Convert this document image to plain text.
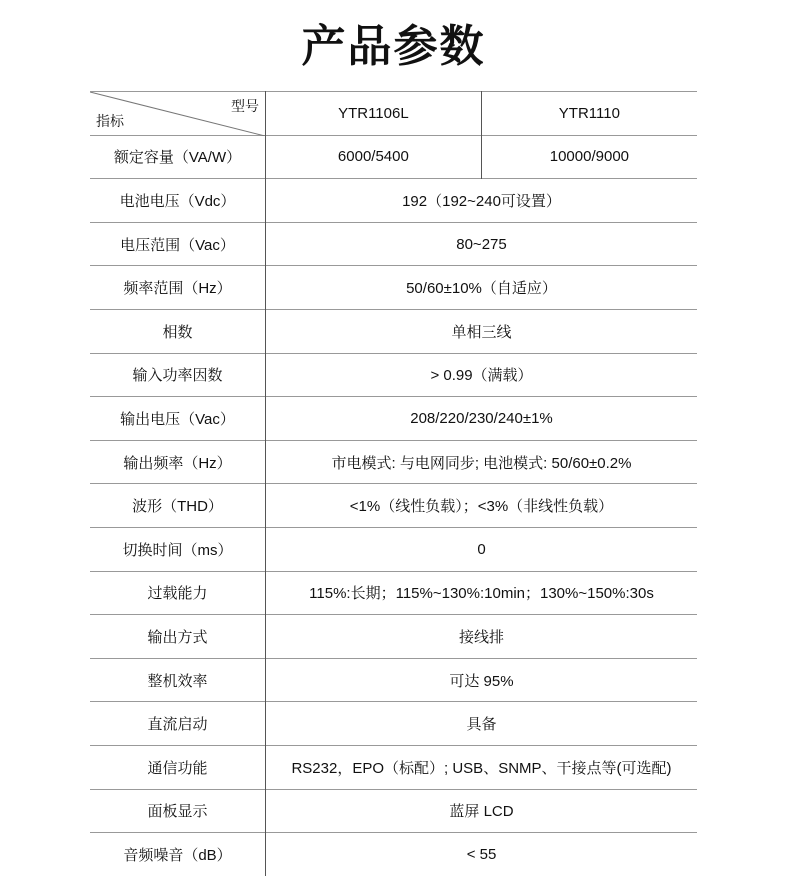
产品参数
型号
指标	YTR1106L	YTR1110
额定容量（VA/W）	6000/5400	10000/9000
电池电压（Vdc）	192（192~240可设置）	
电压范围（Vac）	80~275	
频率范围（Hz）	50/60±10%（自适应）	
相数	单相三线	
输入功率因数	> 0.99（满载）	
输出电压（Vac）	208/220/230/240±1%	
输出频率（Hz）	市电模式: 与电网同步; 电池模式: 50/60±0.2%	
波形（THD）	<1%（线性负载）；<3%（非线性负载）	
切换时间（ms）	0	
过载能力	115%:长期；115%~130%:10min；130%~150%:30s	
输出方式	接线排	
整机效率	可达 95%	
直流启动	具备	
通信功能	RS232，EPO（标配）; USB、SNMP、干接点等(可选配)	
面板显示	蓝屏 LCD	
音频噪音（dB）	< 55	
